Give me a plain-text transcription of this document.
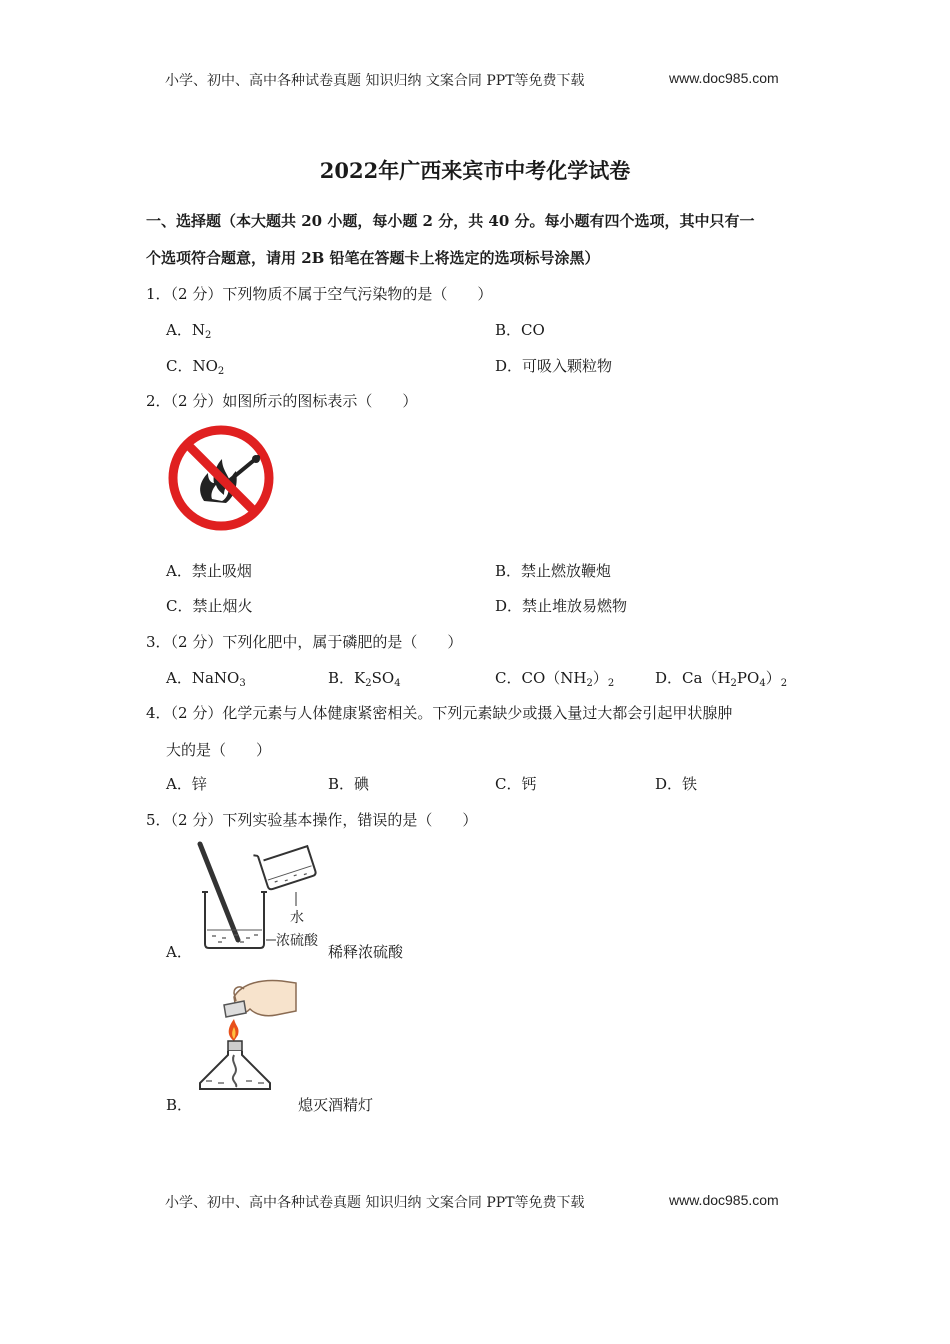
小学、初中、高中各种试卷真题 知识归纳 文案合同 PPT等免费下载	www.doc985.com
2022年广西来宾市中考化学试卷
一、选择题（本大题共 20 小题，每小题 2 分，共 40 分。每小题有四个选项，其中只有一
个选项符合题意，请用 2B 铅笔在答题卡上将选定的选项标号涂黑）
1．（2 分）下列物质不属于空气污染物的是（　　）
A．$N_2$	B．CO
C．$NO_2$	D．可吸入颗粒物
2．（2 分）如图所示的图标表示（　　）
A．禁止吸烟	B．禁止燃放鞭炮
C．禁止烟火	D．禁止堆放易燃物
3．（2 分）下列化肥中，属于磷肥的是（　　）
A．NaNO$_3$	B．$K_2SO_4$	C．$CO(NH_2)_2$	D．$Ca(H_2PO_4)_2$
4．（2 分）化学元素与人体健康紧密相关。下列元素缺少或摄入量过大都会引起甲状腺肿
大的是（　　）
A．锌	B．碘	C．钙	D．铁
5．（2 分）下列实验基本操作，错误的是（　　）
水
浓硫酸
A．	稀释浓硫酸
B．	熄灭酒精灯
小学、初中、高中各种试卷真题 知识归纳 文案合同 PPT等免费下载	www.doc985.com
